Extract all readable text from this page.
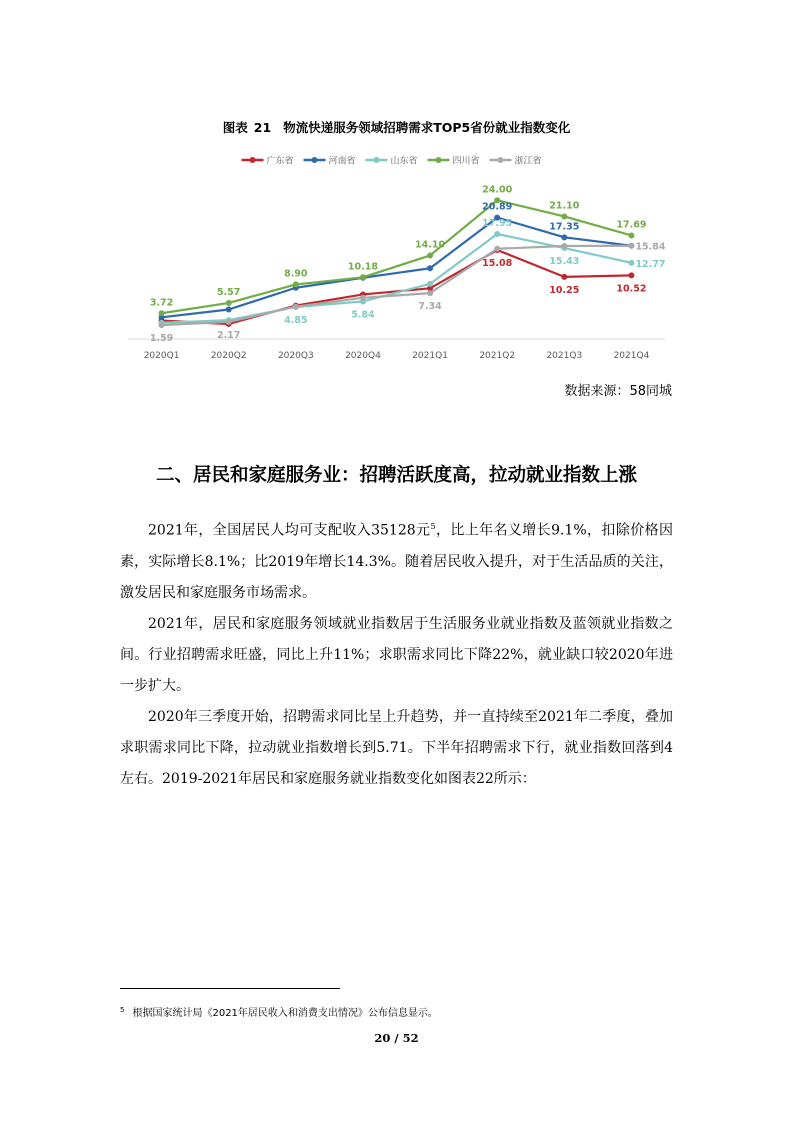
图表 21 物流快递服务领域招聘需求TOP5省份就业指数变化
2020Q1	2020Q2	2020Q3	2020Q4	2021Q1	2021Q2	2021Q3	2021Q4
广东省	河南省	山东省	四川省	浙江省
3.72
1.59
5.57
2.17
8.90
4.85
10.18
5.84
14.10
7.34
24.00
20.89
17.95
15.08
21.10
17.35
15.43
10.25
17.69
15.84
12.77
10.52
数据来源：58同城
二、居民和家庭服务业：招聘活跃度高，拉动就业指数上涨

2021年，全国居民人均可支配收入35128元$^5$，比上年名义增长9.1%，扣除价格因素，实际增长8.1%；比2019年增长14.3%。随着居民收入提升，对于生活品质的关注，激发居民和家庭服务市场需求。

2021年，居民和家庭服务领域就业指数居于生活服务业就业指数及蓝领就业指数之间。行业招聘需求旺盛，同比上升11%；求职需求同比下降22%，就业缺口较2020年进一步扩大。

2020年三季度开始，招聘需求同比呈上升趋势，并一直持续至2021年二季度，叠加求职需求同比下降，拉动就业指数增长到5.71。下半年招聘需求下行，就业指数回落到4左右。2019-2021年居民和家庭服务就业指数变化如图表22所示：

$^5$ 根据国家统计局《2021年居民收入和消费支出情况》公布信息显示。
20 / 52
